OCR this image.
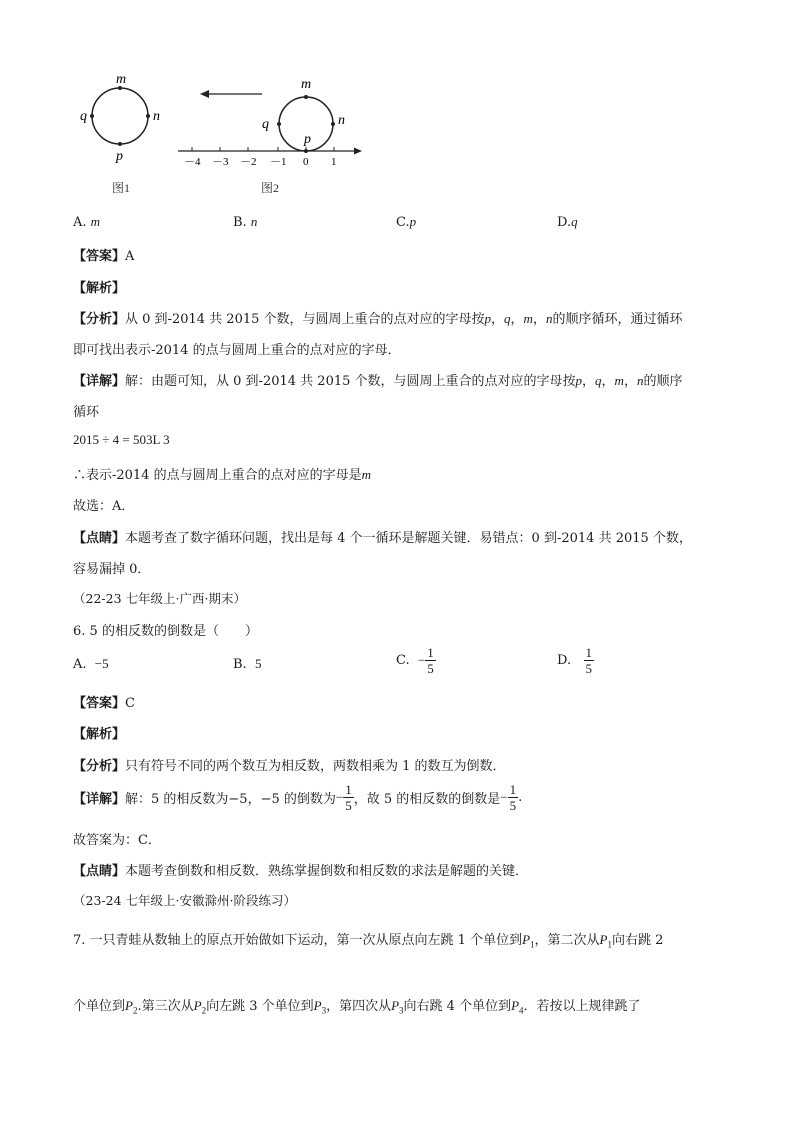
m
n
p
q
图1
m
n
p
q
－4 －3 －2 －1 0 1
图2
A. m	B. n	C.p	D.q
【答案】A
【解析】
【分析】从 0 到-2014 共 2015 个数，与圆周上重合的点对应的字母按p，q，m，n的顺序循环，通过循环
即可找出表示-2014 的点与圆周上重合的点对应的字母．
【详解】解：由题可知，从 0 到-2014 共 2015 个数，与圆周上重合的点对应的字母按p，q，m，n的顺序
循环
2015 ÷ 4 = 503L 3
∴表示-2014 的点与圆周上重合的点对应的字母是m
故选：A．
【点睛】本题考查了数字循环问题，找出是每 4 个一循环是解题关键．易错点：0 到-2014 共 2015 个数，
容易漏掉 0．
（22-23 七年级上·广西·期末）
6. 5 的相反数的倒数是（　　）
A. −5	B. 5	C. − $\frac{1}{5}$	D. $\frac{1}{5}$
【答案】C
【解析】
【分析】只有符号不同的两个数互为相反数，两数相乘为 1 的数互为倒数．
【详解】解：5 的相反数为−5，−5 的倒数为− $\frac{1}{5}$ ，故 5 的相反数的倒数是− $\frac{1}{5}$ .
故答案为：C．
【点睛】本题考查倒数和相反数．熟练掌握倒数和相反数的求法是解题的关键．
（23-24 七年级上·安徽滁州·阶段练习）
7. 一只青蛙从数轴上的原点开始做如下运动，第一次从原点向左跳 1 个单位到$P_1$，第二次从$P_1$向右跳 2
个单位到$P_2$.第三次从$P_2$向左跳 3 个单位到$P_3$，第四次从$P_3$向右跳 4 个单位到$P_4$．若按以上规律跳了
